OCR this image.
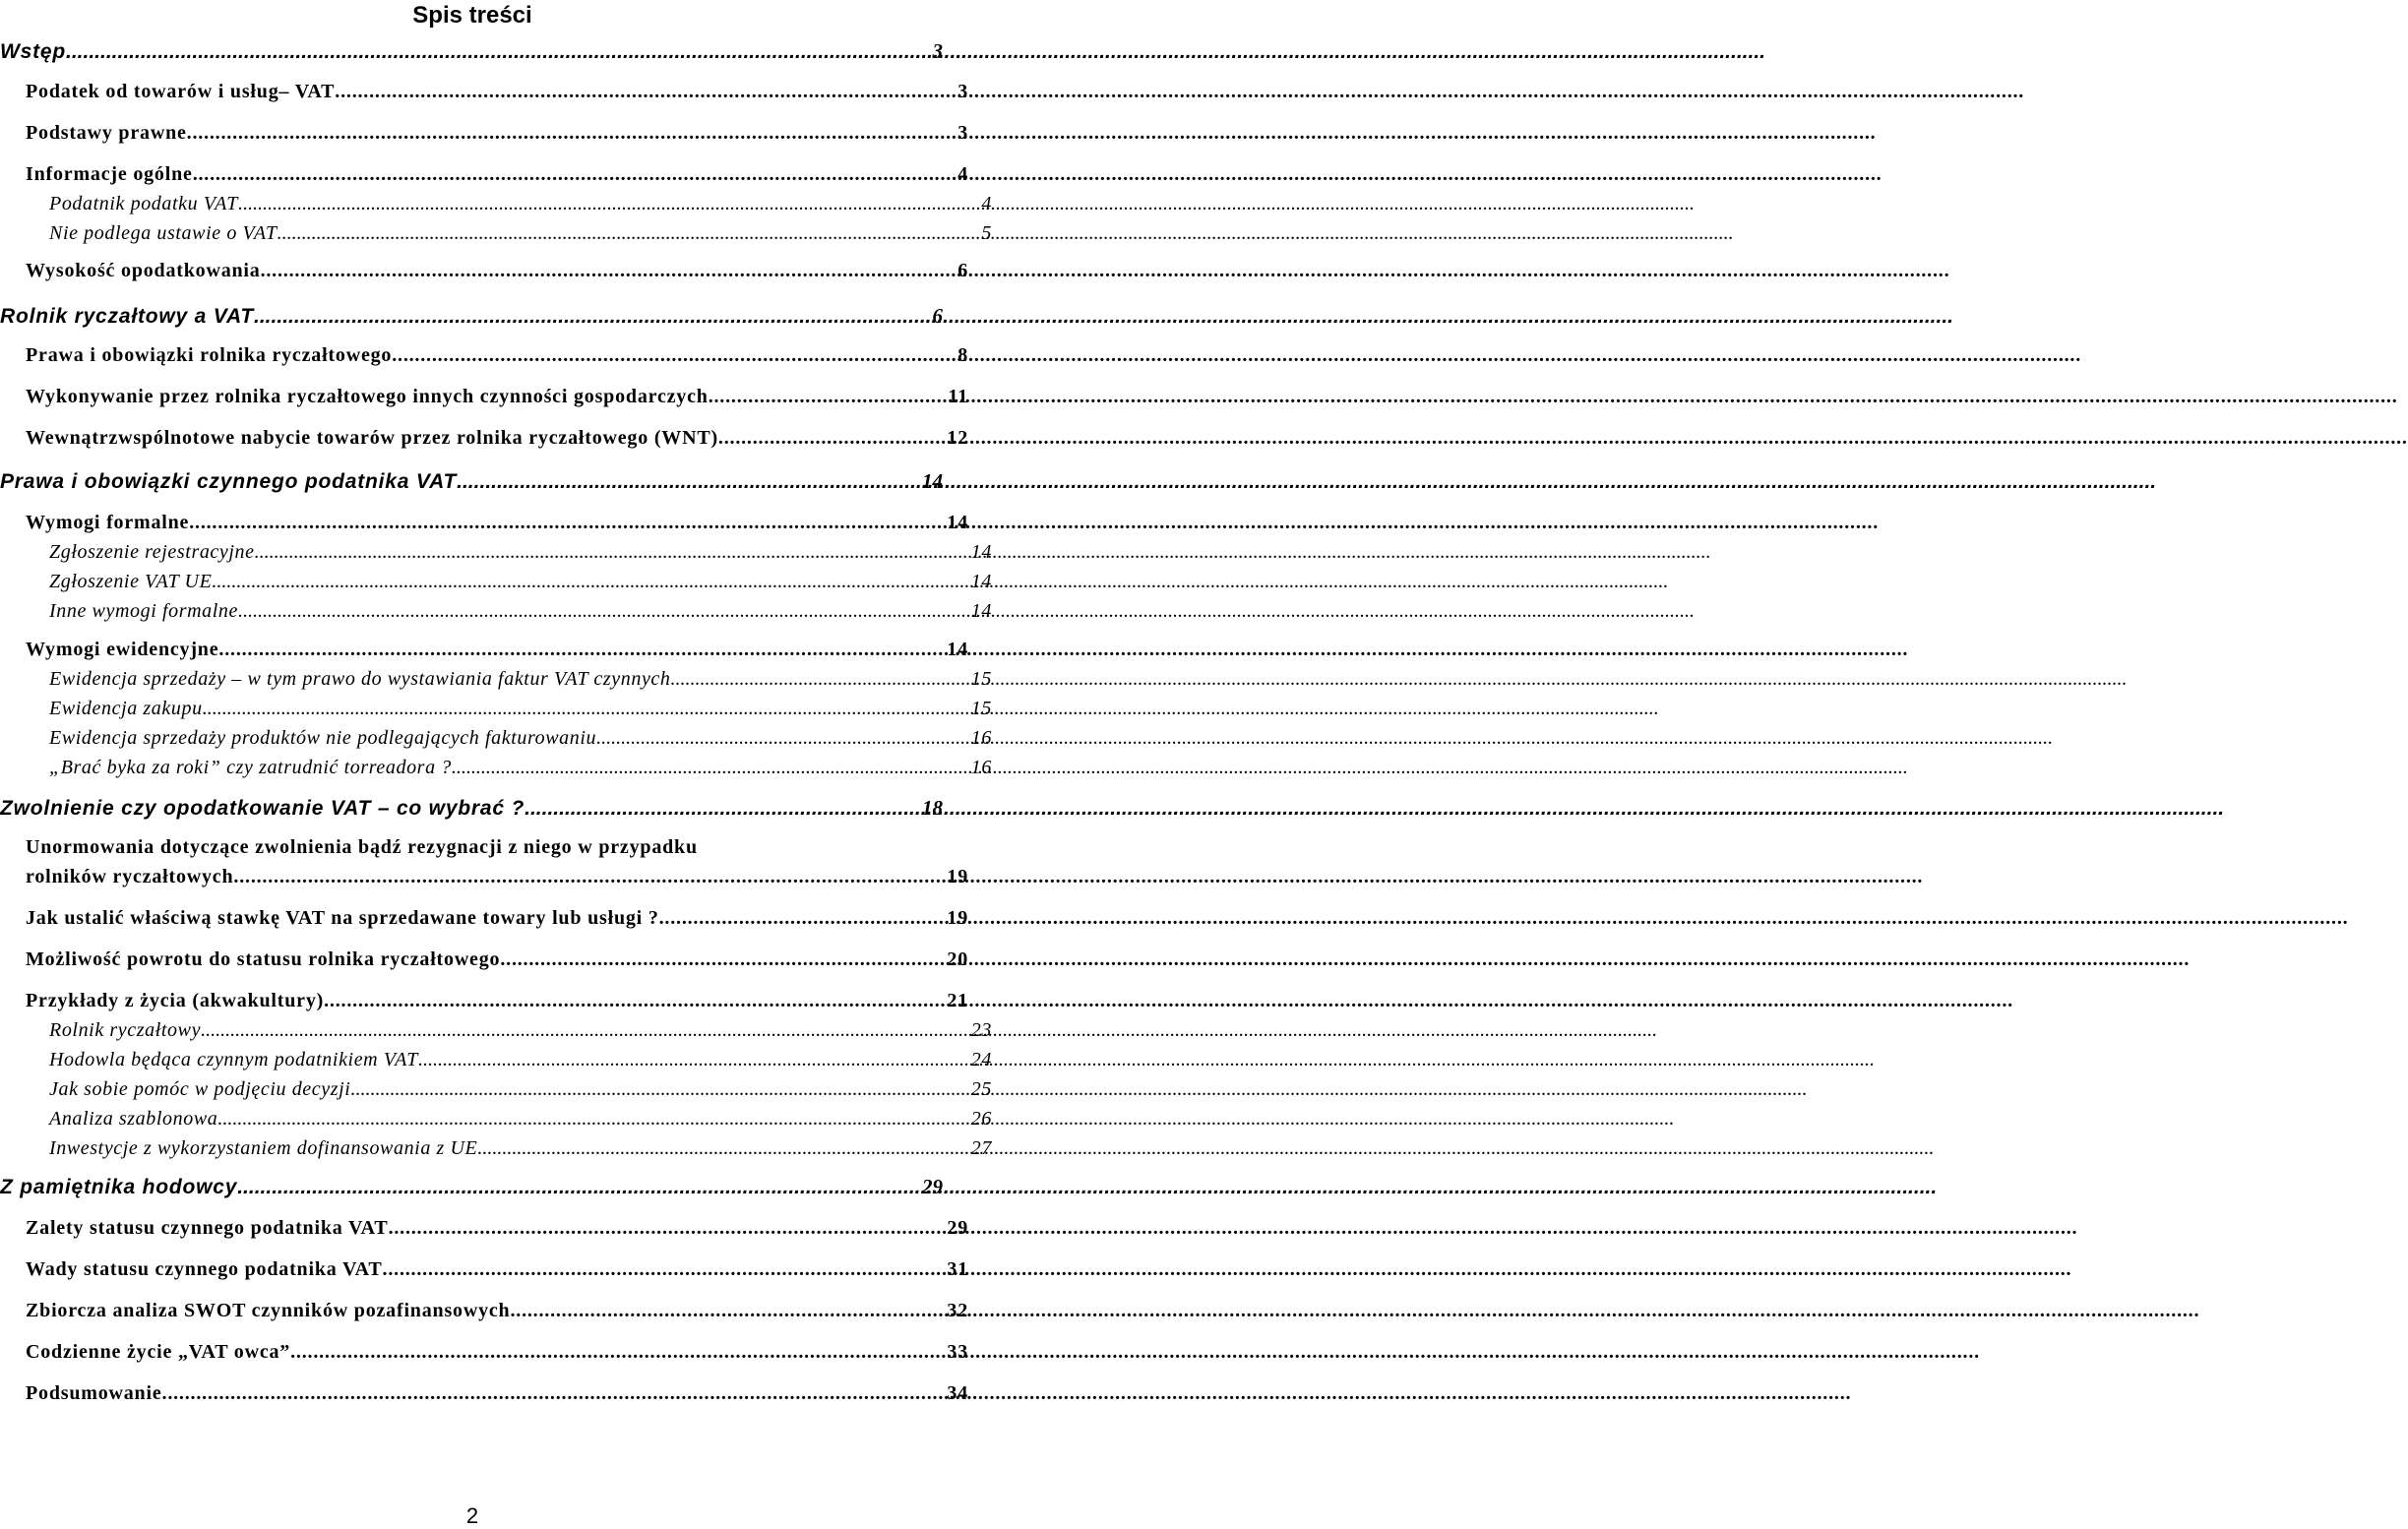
Spis treści
Wstęp .....	3
Podatek od towarów i usług– VAT .....	3
Podstawy prawne .....	3
Informacje ogólne .....	4
Podatnik podatku VAT .....	4
Nie podlega ustawie o VAT .....	5
Wysokość opodatkowania .....	6
Rolnik ryczałtowy a VAT .....	6
Prawa i obowiązki rolnika ryczałtowego .....	8
Wykonywanie przez rolnika ryczałtowego innych czynności gospodarczych .....	11
Wewnątrzwspólnotowe nabycie towarów przez rolnika ryczałtowego (WNT) .....	12
Prawa i obowiązki czynnego podatnika VAT .....	14
Wymogi formalne .....	14
Zgłoszenie rejestracyjne .....	14
Zgłoszenie VAT UE .....	14
Inne wymogi formalne .....	14
Wymogi ewidencyjne .....	14
Ewidencja sprzedaży – w tym prawo do wystawiania faktur VAT czynnych .....	15
Ewidencja zakupu .....	15
Ewidencja sprzedaży produktów nie podlegających fakturowaniu .....	16
„Brać byka za roki” czy zatrudnić torreadora ? .....	16
Zwolnienie czy opodatkowanie VAT – co wybrać ? .....	18
Unormowania dotyczące zwolnienia bądź rezygnacji z niego w przypadku
rolników ryczałtowych .....	19
Jak ustalić właściwą stawkę VAT na sprzedawane towary lub usługi ? .....	19
Możliwość powrotu do statusu rolnika ryczałtowego .....	20
Przykłady z życia (akwakultury) .....	21
Rolnik ryczałtowy .....	23
Hodowla będąca czynnym podatnikiem VAT .....	24
Jak sobie pomóc w podjęciu decyzji .....	25
Analiza szablonowa .....	26
Inwestycje z wykorzystaniem dofinansowania z UE .....	27
Z pamiętnika hodowcy .....	29
Zalety statusu czynnego podatnika VAT .....	29
Wady statusu czynnego podatnika VAT .....	31
Zbiorcza analiza SWOT czynników pozafinansowych .....	32
Codzienne życie „VAT owca” .....	33
Podsumowanie .....	34
2
